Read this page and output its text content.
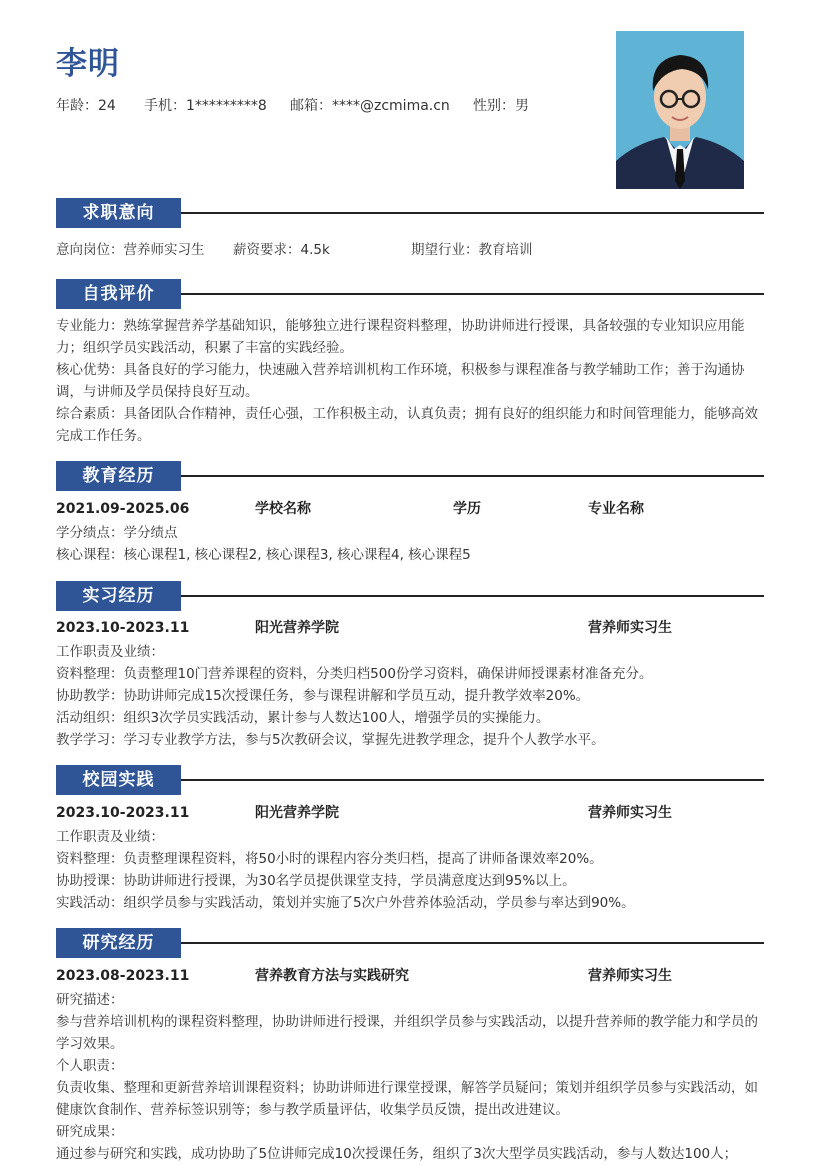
李明
年龄：24	手机：1*********8	邮箱：****@zcmima.cn	性别：男
求职意向
意向岗位：营养师实习生 薪资要求：4.5k	期望行业：教育培训
自我评价

专业能力：熟练掌握营养学基础知识，能够独立进行课程资料整理，协助讲师进行授课，具备较强的专业知识应用能力；组织学员实践活动，积累了丰富的实践经验。

核心优势：具备良好的学习能力，快速融入营养培训机构工作环境，积极参与课程准备与教学辅助工作；善于沟通协调，与讲师及学员保持良好互动。

综合素质：具备团队合作精神，责任心强，工作积极主动，认真负责；拥有良好的组织能力和时间管理能力，能够高效完成工作任务。

教育经历
2021.09-2025.06	学校名称	学历	专业名称

学分绩点：学分绩点

核心课程：核心课程1, 核心课程2, 核心课程3, 核心课程4, 核心课程5

实习经历
2023.10-2023.11	阳光营养学院	营养师实习生

工作职责及业绩：

资料整理：负责整理10门营养课程的资料，分类归档500份学习资料，确保讲师授课素材准备充分。

协助教学：协助讲师完成15次授课任务，参与课程讲解和学员互动，提升教学效率20%。

活动组织：组织3次学员实践活动，累计参与人数达100人，增强学员的实操能力。

教学学习：学习专业教学方法，参与5次教研会议，掌握先进教学理念，提升个人教学水平。

校园实践
2023.10-2023.11	阳光营养学院	营养师实习生

工作职责及业绩：

资料整理：负责整理课程资料，将50小时的课程内容分类归档，提高了讲师备课效率20%。

协助授课：协助讲师进行授课，为30名学员提供课堂支持，学员满意度达到95%以上。

实践活动：组织学员参与实践活动，策划并实施了5次户外营养体验活动，学员参与率达到90%。

研究经历
2023.08-2023.11	营养教育方法与实践研究	营养师实习生

研究描述：

参与营养培训机构的课程资料整理，协助讲师进行授课，并组织学员参与实践活动，以提升营养师的教学能力和学员的学习效果。

个人职责：

负责收集、整理和更新营养培训课程资料；协助讲师进行课堂授课，解答学员疑问；策划并组织学员参与实践活动，如健康饮食制作、营养标签识别等；参与教学质量评估，收集学员反馈，提出改进建议。

研究成果：

通过参与研究和实践，成功协助了5位讲师完成10次授课任务，组织了3次大型学员实践活动，参与人数达100人；
